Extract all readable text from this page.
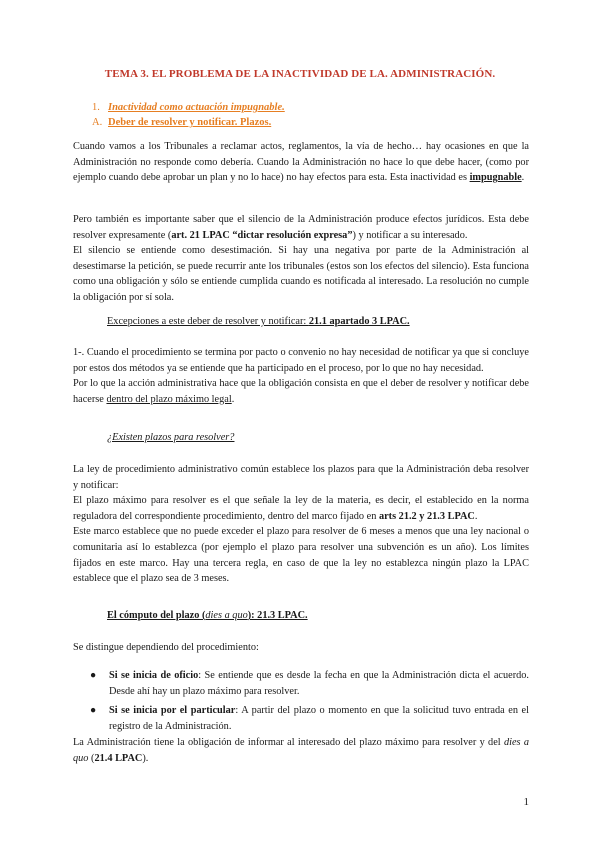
TEMA 3. EL PROBLEMA DE LA INACTIVIDAD DE LA. ADMINISTRACIÓN.
1. Inactividad como actuación impugnable.
A. Deber de resolver y notificar. Plazos.

Cuando vamos a los Tribunales a reclamar actos, reglamentos, la vía de hecho… hay ocasiones en que la Administración no responde como debería. Cuando la Administración no hace lo que debe hacer, (como por ejemplo cuando debe aprobar un plan y no lo hace) no hay efectos para esta. Esta inactividad es impugnable.

Pero también es importante saber que el silencio de la Administración produce efectos jurídicos. Esta debe resolver expresamente (art. 21 LPAC “dictar resolución expresa”) y notificar a su interesado.

El silencio se entiende como desestimación. Si hay una negativa por parte de la Administración al desestimarse la petición, se puede recurrir ante los tribunales (estos son los efectos del silencio). Esta funciona como una obligación y sólo se entiende cumplida cuando es notificada al interesado. La resolución no cumple la obligación por sí sola.

Excepciones a este deber de resolver y notificar: 21.1 apartado 3 LPAC.

1-. Cuando el procedimiento se termina por pacto o convenio no hay necesidad de notificar ya que si concluye por estos dos métodos ya se entiende que ha participado en el proceso, por lo que no hay necesidad.

Por lo que la acción administrativa hace que la obligación consista en que el deber de resolver y notificar debe hacerse dentro del plazo máximo legal.

¿Existen plazos para resolver?

La ley de procedimiento administrativo común establece los plazos para que la Administración deba resolver y notificar:

El plazo máximo para resolver es el que señale la ley de la materia, es decir, el establecido en la norma reguladora del correspondiente procedimiento, dentro del marco fijado en arts 21.2 y 21.3 LPAC.

Este marco establece que no puede exceder el plazo para resolver de 6 meses a menos que una ley nacional o comunitaria así lo establezca (por ejemplo el plazo para resolver una subvención es un año). Los límites fijados en este marco. Hay una tercera regla, en caso de que la ley no establezca ningún plazo la LPAC establece que el plazo sea de 3 meses.

El cómputo del plazo (dies a quo): 21.3 LPAC.

Se distingue dependiendo del procedimiento:

● Si se inicia de oficio: Se entiende que es desde la fecha en que la Administración dicta el acuerdo. Desde ahí hay un plazo máximo para resolver.
● Si se inicia por el particular: A partir del plazo o momento en que la solicitud tuvo entrada en el registro de la Administración.

La Administración tiene la obligación de informar al interesado del plazo máximo para resolver y del dies a quo (21.4 LPAC).

1
